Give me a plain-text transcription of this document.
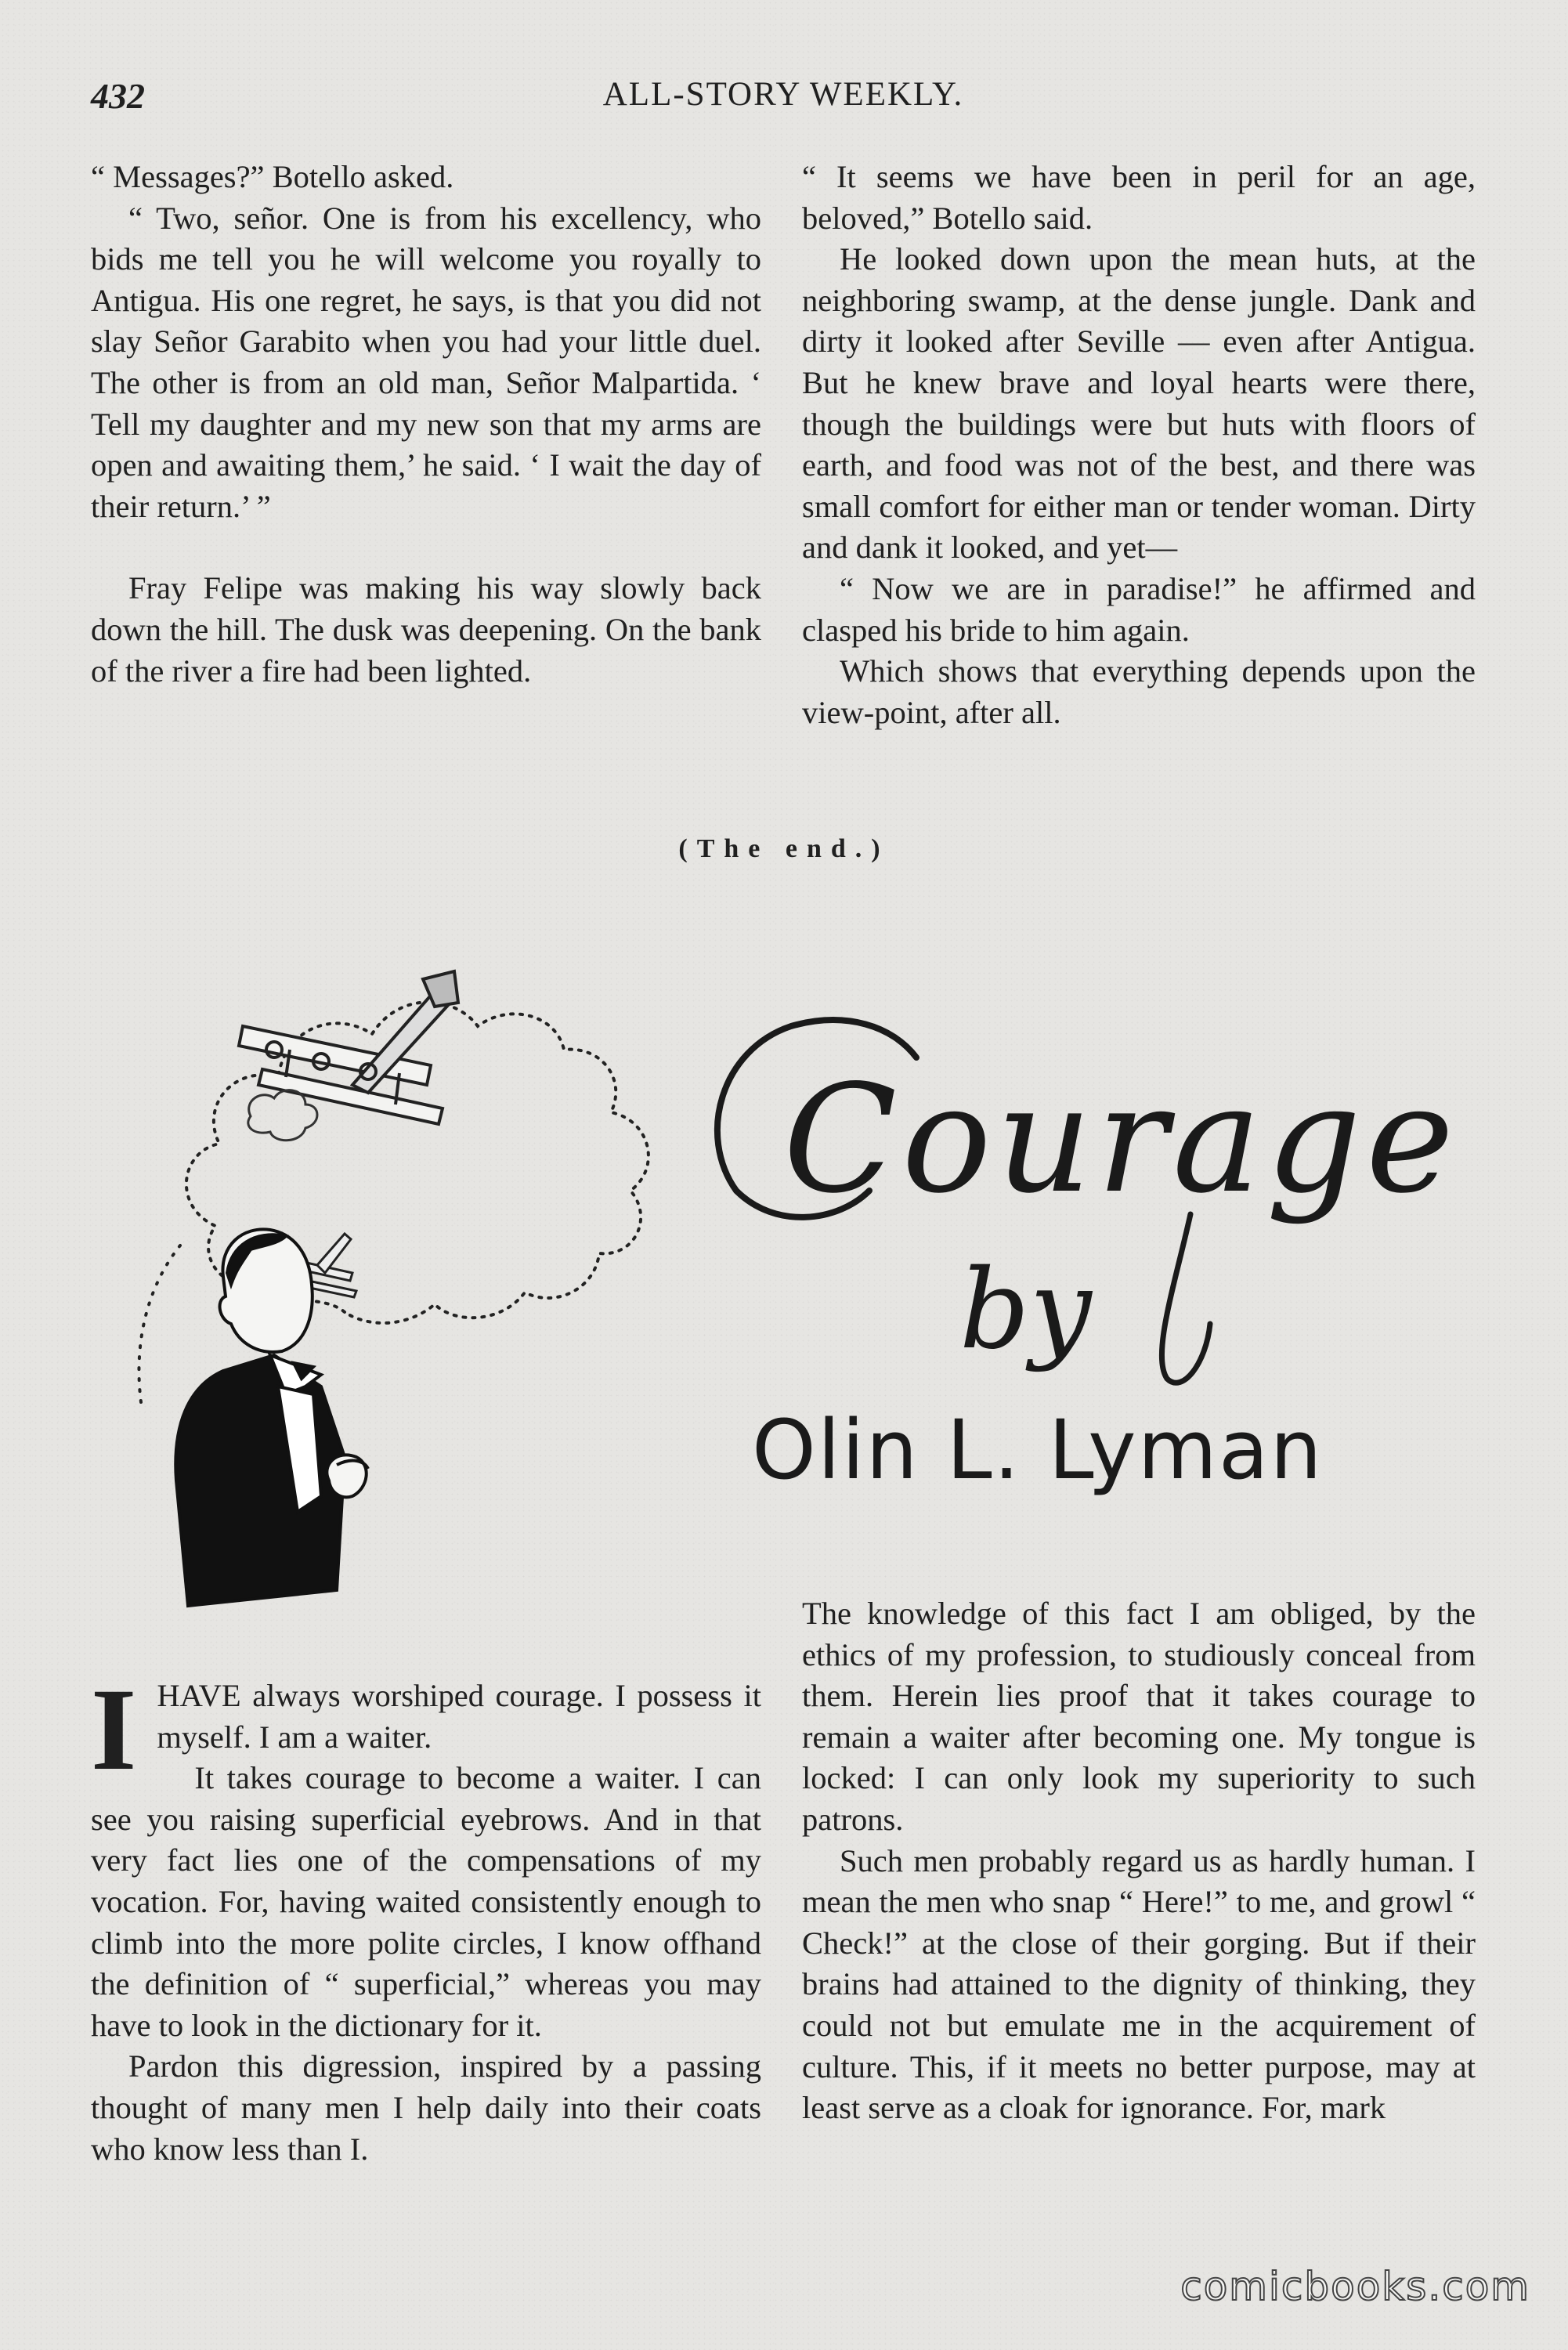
432	ALL-STORY WEEKLY.

“ Messages?” Botello asked.

“ Two, señor. One is from his excellency, who bids me tell you he will welcome you royally to Antigua. His one regret, he says, is that you did not slay Señor Garabito when you had your little duel. The other is from an old man, Señor Malpartida. ‘ Tell my daughter and my new son that my arms are open and awaiting them,’ he said. ‘ I wait the day of their return.’ ”

Fray Felipe was making his way slowly back down the hill. The dusk was deepening. On the bank of the river a fire had been lighted.

“ It seems we have been in peril for an age, beloved,” Botello said.

He looked down upon the mean huts, at the neighboring swamp, at the dense jungle. Dank and dirty it looked after Seville — even after Antigua. But he knew brave and loyal hearts were there, though the buildings were but huts with floors of earth, and food was not of the best, and there was small comfort for either man or tender woman. Dirty and dank it looked, and yet––

“ Now we are in paradise!” he affirmed and clasped his bride to him again.

Which shows that everything depends upon the view-point, after all.

(The end.)
Courage
by
Olin L. Lyman

IHAVE always worshiped courage. I possess it myself. I am a waiter.

It takes courage to become a waiter. I can see you raising superficial eyebrows. And in that very fact lies one of the compensations of my vocation. For, having waited consistently enough to climb into the more polite circles, I know offhand the definition of “ superficial,” whereas you may have to look in the dictionary for it.

Pardon this digression, inspired by a passing thought of many men I help daily into their coats who know less than I.

The knowledge of this fact I am obliged, by the ethics of my profession, to studiously conceal from them. Herein lies proof that it takes courage to remain a waiter after becoming one. My tongue is locked: I can only look my superiority to such patrons.

Such men probably regard us as hardly human. I mean the men who snap “ Here!” to me, and growl “ Check!” at the close of their gorging. But if their brains had attained to the dignity of thinking, they could not but emulate me in the acquirement of culture. This, if it meets no better purpose, may at least serve as a cloak for ignorance. For, mark

comicbooks.com
